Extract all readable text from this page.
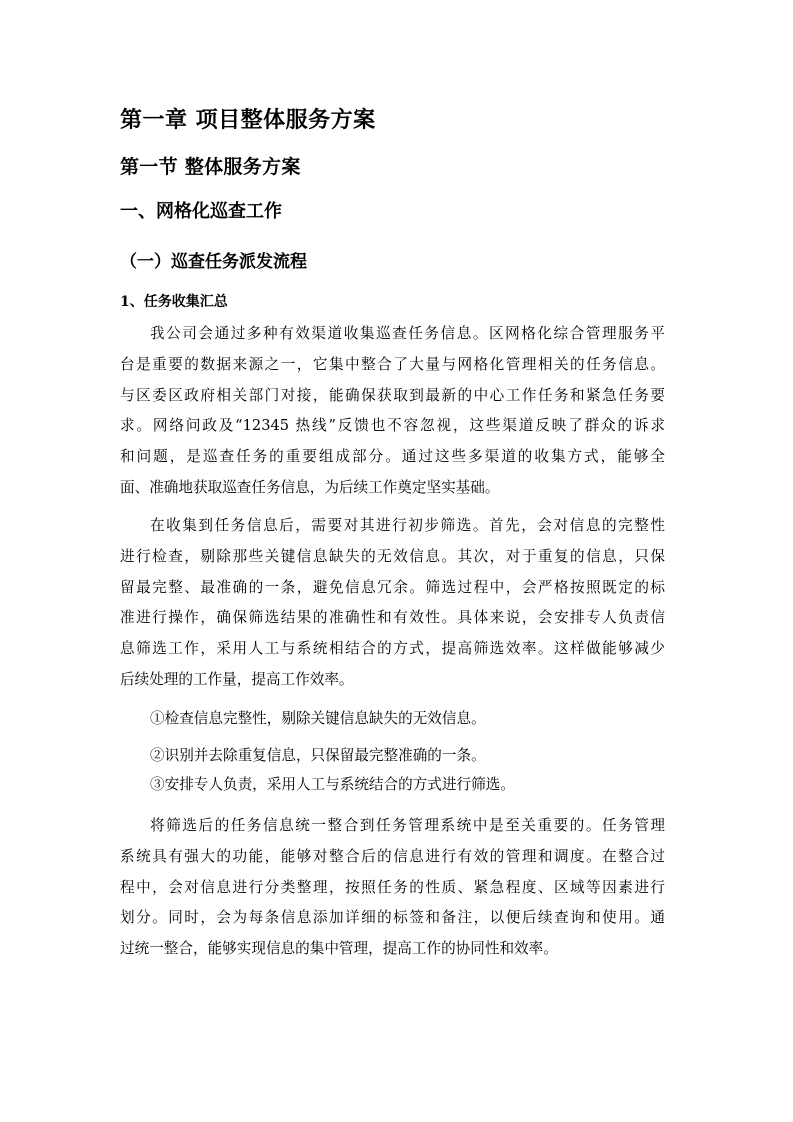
第一章 项目整体服务方案
第一节 整体服务方案
一、网格化巡查工作
（一）巡查任务派发流程
1、任务收集汇总
我公司会通过多种有效渠道收集巡查任务信息。区网格化综合管理服务平
台是重要的数据来源之一，它集中整合了大量与网格化管理相关的任务信息。
与区委区政府相关部门对接，能确保获取到最新的中心工作任务和紧急任务要
求。网络问政及“12345 热线”反馈也不容忽视，这些渠道反映了群众的诉求
和问题，是巡查任务的重要组成部分。通过这些多渠道的收集方式，能够全
面、准确地获取巡查任务信息，为后续工作奠定坚实基础。
在收集到任务信息后，需要对其进行初步筛选。首先，会对信息的完整性
进行检查，剔除那些关键信息缺失的无效信息。其次，对于重复的信息，只保
留最完整、最准确的一条，避免信息冗余。筛选过程中，会严格按照既定的标
准进行操作，确保筛选结果的准确性和有效性。具体来说，会安排专人负责信
息筛选工作，采用人工与系统相结合的方式，提高筛选效率。这样做能够减少
后续处理的工作量，提高工作效率。
①检查信息完整性，剔除关键信息缺失的无效信息。
②识别并去除重复信息，只保留最完整准确的一条。
③安排专人负责，采用人工与系统结合的方式进行筛选。
将筛选后的任务信息统一整合到任务管理系统中是至关重要的。任务管理
系统具有强大的功能，能够对整合后的信息进行有效的管理和调度。在整合过
程中，会对信息进行分类整理，按照任务的性质、紧急程度、区域等因素进行
划分。同时，会为每条信息添加详细的标签和备注，以便后续查询和使用。通
过统一整合，能够实现信息的集中管理，提高工作的协同性和效率。
